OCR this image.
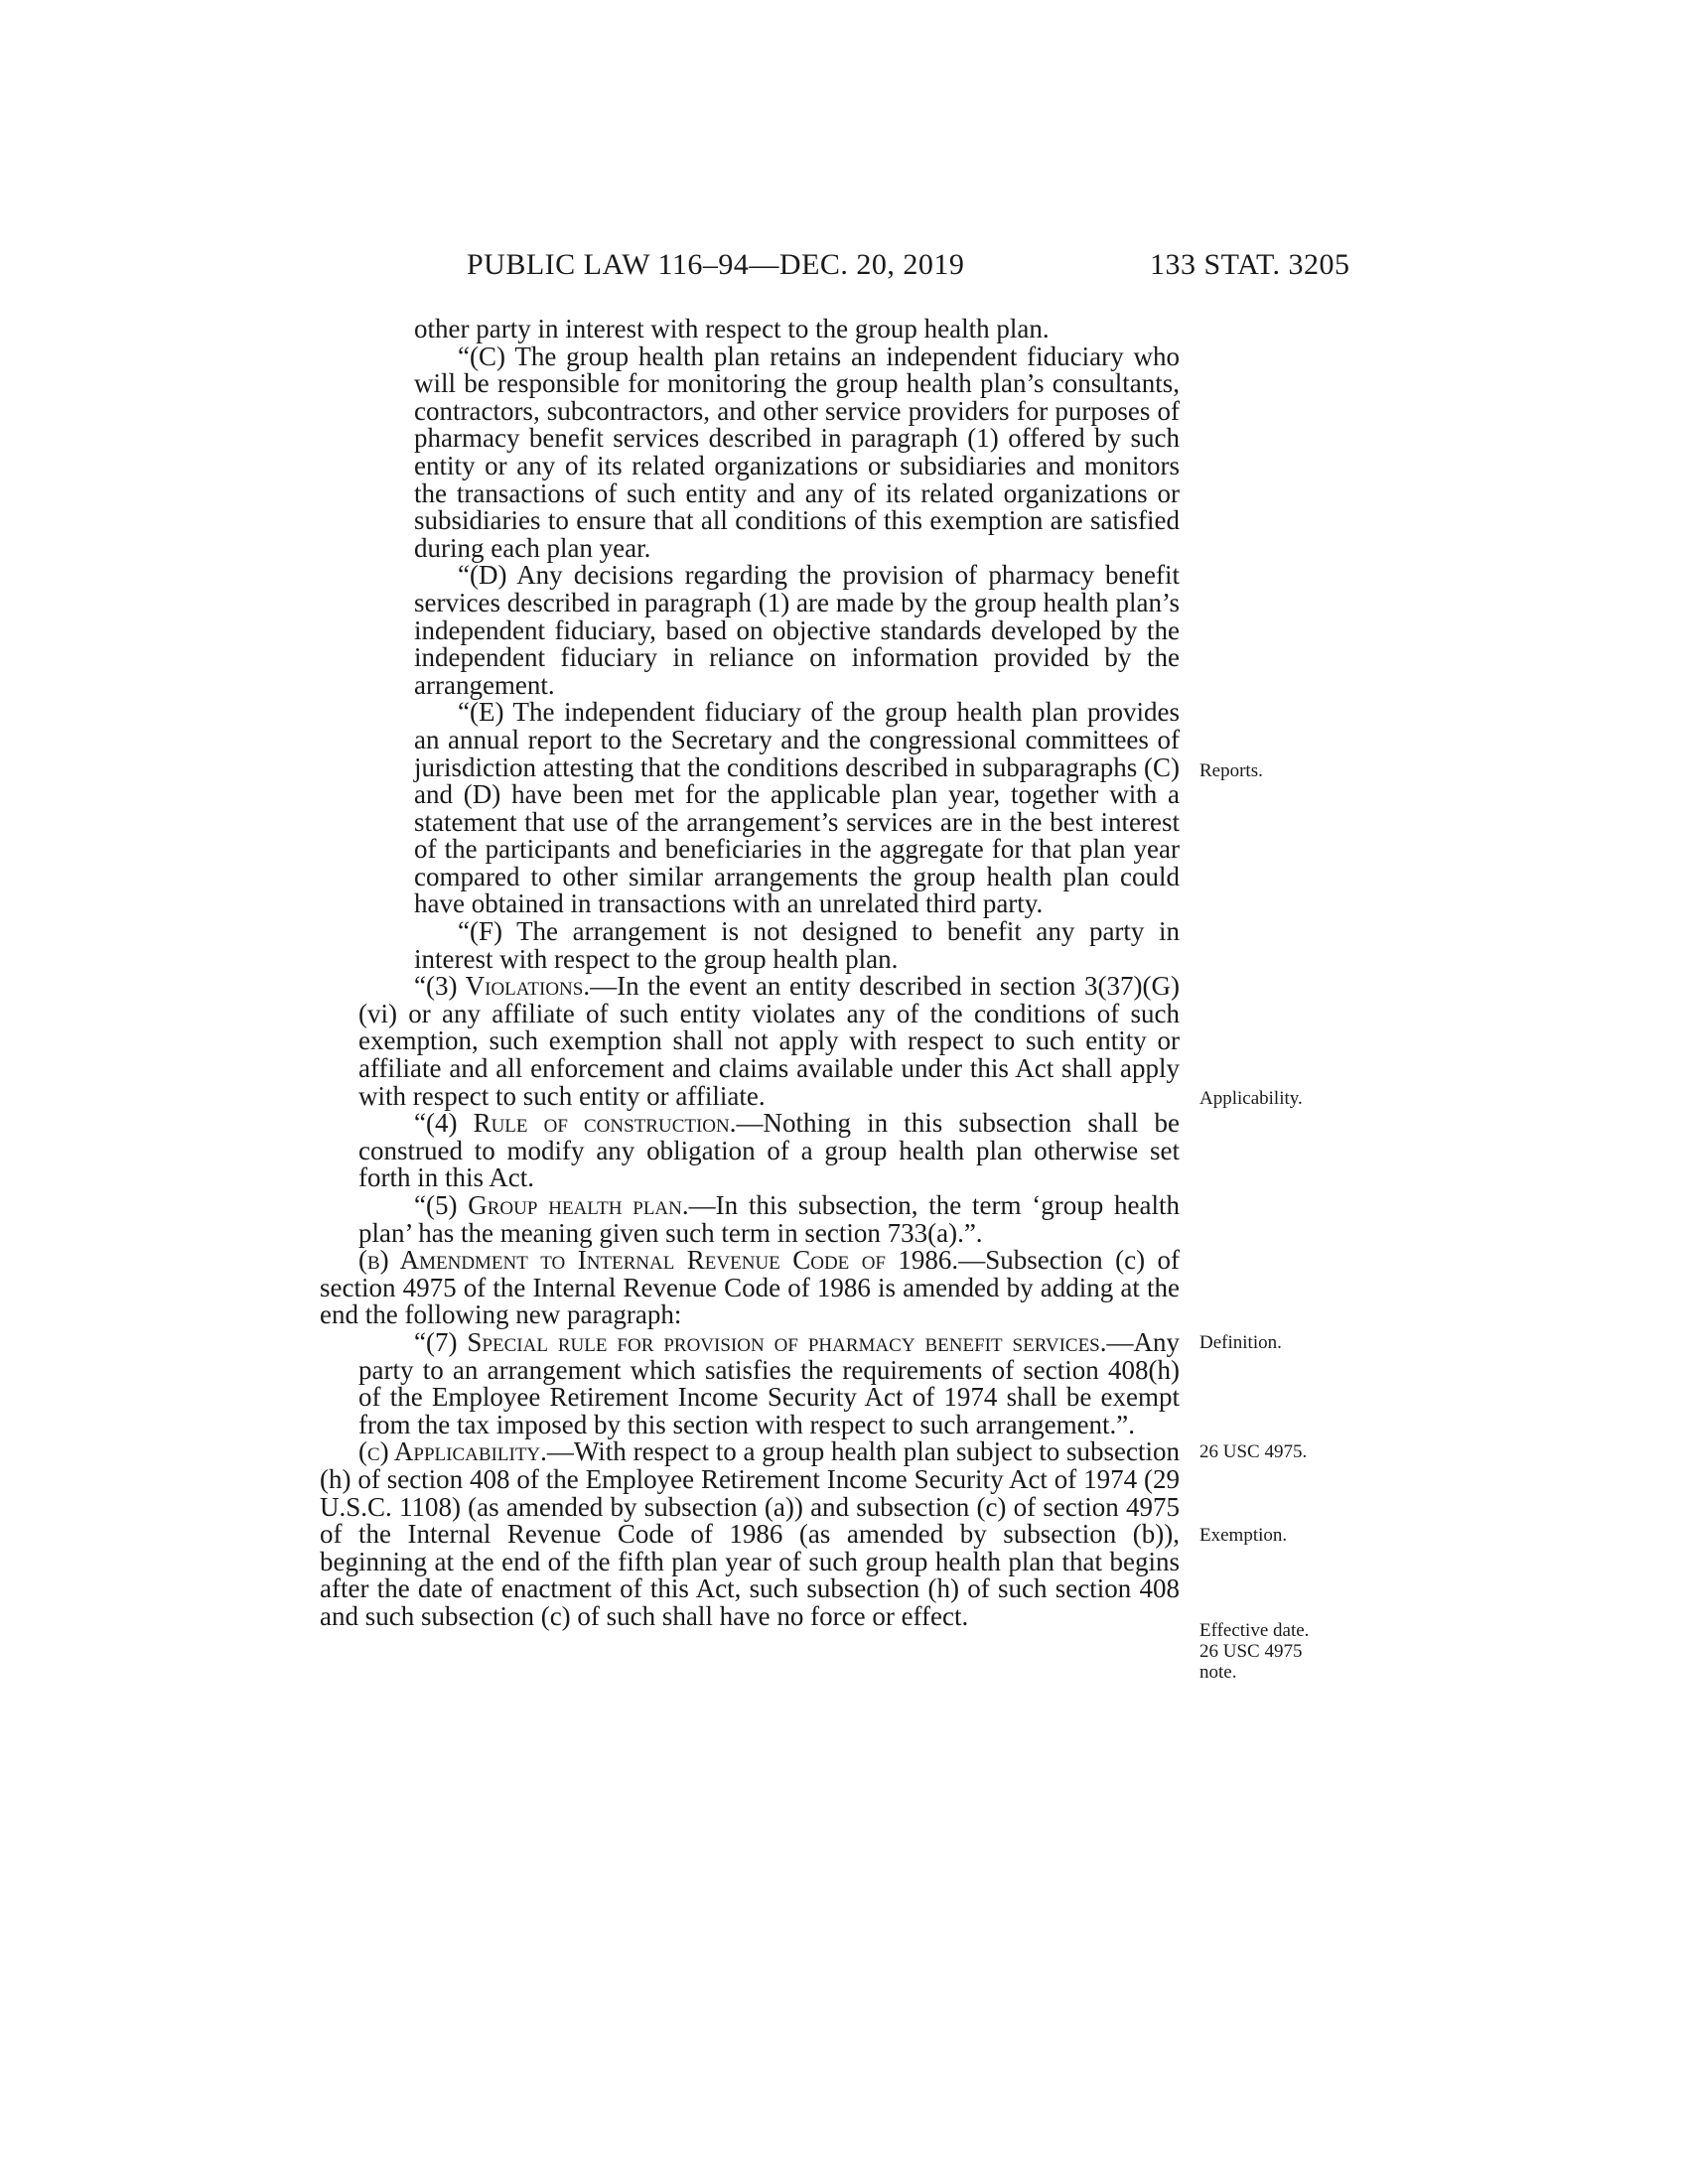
PUBLIC LAW 116–94—DEC. 20, 2019	133 STAT. 3205

other party in interest with respect to the group health plan.

“(C) The group health plan retains an independent fiduciary who will be responsible for monitoring the group health plan’s consultants, contractors, subcontractors, and other service providers for purposes of pharmacy benefit services described in paragraph (1) offered by such entity or any of its related organizations or subsidiaries and monitors the transactions of such entity and any of its related organizations or subsidiaries to ensure that all conditions of this exemption are satisfied during each plan year.

“(D) Any decisions regarding the provision of pharmacy benefit services described in paragraph (1) are made by the group health plan’s independent fiduciary, based on objective standards developed by the independent fiduciary in reliance on information provided by the arrangement.

“(E) The independent fiduciary of the group health plan provides an annual report to the Secretary and the congressional committees of jurisdiction attesting that the conditions described in subparagraphs (C) and (D) have been met for the applicable plan year, together with a statement that use of the arrangement’s services are in the best interest of the participants and beneficiaries in the aggregate for that plan year compared to other similar arrangements the group health plan could have obtained in transactions with an unrelated third party.

“(F) The arrangement is not designed to benefit any party in interest with respect to the group health plan.

“(3) Violations.—In the event an entity described in section 3(37)(G)(vi) or any affiliate of such entity violates any of the conditions of such exemption, such exemption shall not apply with respect to such entity or affiliate and all enforcement and claims available under this Act shall apply with respect to such entity or affiliate.

“(4) Rule of construction.—Nothing in this subsection shall be construed to modify any obligation of a group health plan otherwise set forth in this Act.

“(5) Group health plan.—In this subsection, the term ‘group health plan’ has the meaning given such term in section 733(a).”.

(b) Amendment to Internal Revenue Code of 1986.—Subsection (c) of section 4975 of the Internal Revenue Code of 1986 is amended by adding at the end the following new paragraph:

“(7) Special rule for provision of pharmacy benefit services.—Any party to an arrangement which satisfies the requirements of section 408(h) of the Employee Retirement Income Security Act of 1974 shall be exempt from the tax imposed by this section with respect to such arrangement.”.

(c) Applicability.—With respect to a group health plan subject to subsection (h) of section 408 of the Employee Retirement Income Security Act of 1974 (29 U.S.C. 1108) (as amended by subsection (a)) and subsection (c) of section 4975 of the Internal Revenue Code of 1986 (as amended by subsection (b)), beginning at the end of the fifth plan year of such group health plan that begins after the date of enactment of this Act, such subsection (h) of such section 408 and such subsection (c) of such shall have no force or effect.

Reports.
Applicability.
Definition.
26 USC 4975.
Exemption.
Effective date.
26 USC 4975
note.
